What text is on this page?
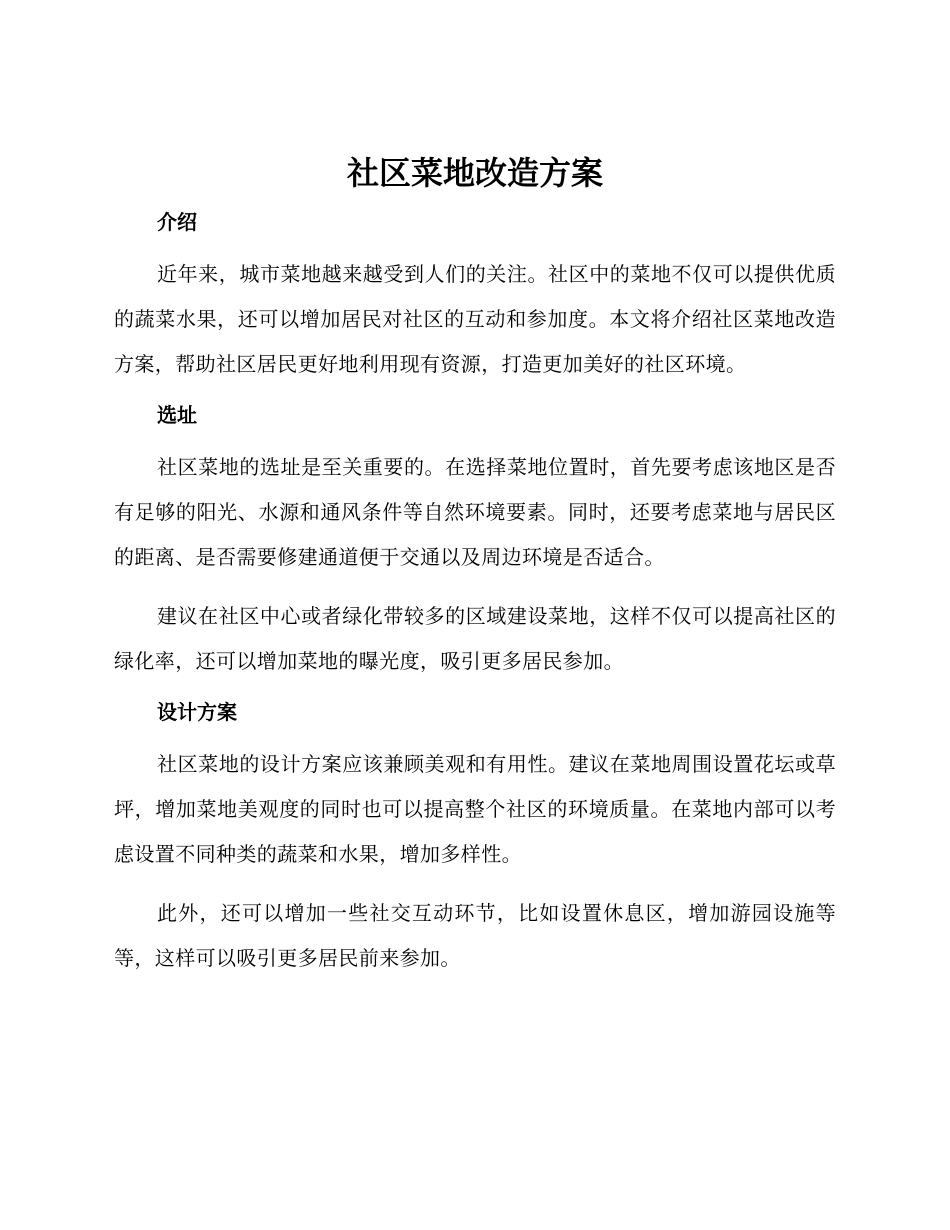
社区菜地改造方案
介绍

近年来，城市菜地越来越受到人们的关注。社区中的菜地不仅可以提供优质的蔬菜水果，还可以增加居民对社区的互动和参加度。本文将介绍社区菜地改造方案，帮助社区居民更好地利用现有资源，打造更加美好的社区环境。

选址

社区菜地的选址是至关重要的。在选择菜地位置时，首先要考虑该地区是否有足够的阳光、水源和通风条件等自然环境要素。同时，还要考虑菜地与居民区的距离、是否需要修建通道便于交通以及周边环境是否适合。

建议在社区中心或者绿化带较多的区域建设菜地，这样不仅可以提高社区的绿化率，还可以增加菜地的曝光度，吸引更多居民参加。

设计方案

社区菜地的设计方案应该兼顾美观和有用性。建议在菜地周围设置花坛或草坪，增加菜地美观度的同时也可以提高整个社区的环境质量。在菜地内部可以考虑设置不同种类的蔬菜和水果，增加多样性。

此外，还可以增加一些社交互动环节，比如设置休息区，增加游园设施等等，这样可以吸引更多居民前来参加。
